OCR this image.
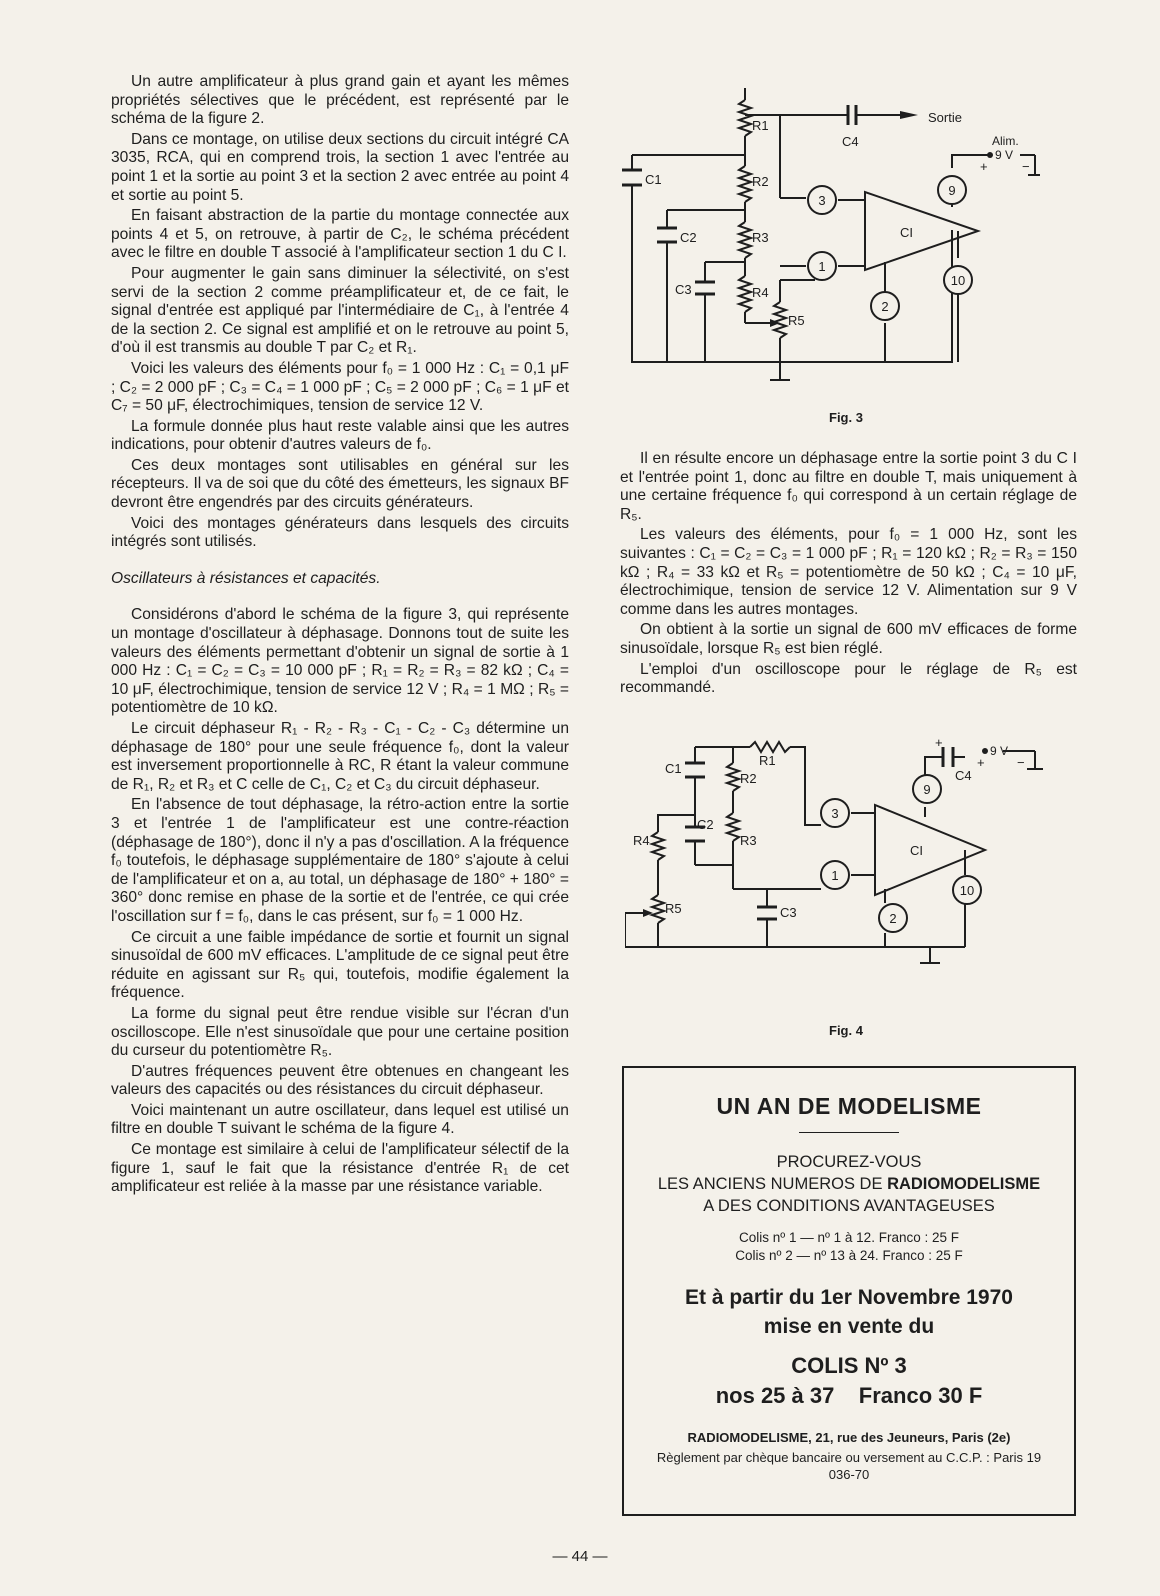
Un autre amplificateur à plus grand gain et ayant les mêmes propriétés sélectives que le précédent, est représenté par le schéma de la figure 2.

Dans ce montage, on utilise deux sections du circuit intégré CA 3035, RCA, qui en comprend trois, la section 1 avec l'entrée au point 1 et la sortie au point 3 et la section 2 avec entrée au point 4 et sortie au point 5.

En faisant abstraction de la partie du montage connectée aux points 4 et 5, on retrouve, à partir de C₂, le schéma précédent avec le filtre en double T associé à l'amplificateur section 1 du C I.

Pour augmenter le gain sans diminuer la sélectivité, on s'est servi de la section 2 comme préamplificateur et, de ce fait, le signal d'entrée est appliqué par l'intermédiaire de C₁, à l'entrée 4 de la section 2. Ce signal est amplifié et on le retrouve au point 5, d'où il est transmis au double T par C₂ et R₁.

Voici les valeurs des éléments pour f₀ = 1 000 Hz : C₁ = 0,1 μF ; C₂ = 2 000 pF ; C₃ = C₄ = 1 000 pF ; C₅ = 2 000 pF ; C₆ = 1 μF et C₇ = 50 μF, électrochimiques, tension de service 12 V.

La formule donnée plus haut reste valable ainsi que les autres indications, pour obtenir d'autres valeurs de f₀.

Ces deux montages sont utilisables en général sur les récepteurs. Il va de soi que du côté des émetteurs, les signaux BF devront être engendrés par des circuits générateurs.

Voici des montages générateurs dans lesquels des circuits intégrés sont utilisés.

Oscillateurs à résistances et capacités.

Considérons d'abord le schéma de la figure 3, qui représente un montage d'oscillateur à déphasage. Donnons tout de suite les valeurs des éléments permettant d'obtenir un signal de sortie à 1 000 Hz : C₁ = C₂ = C₃ = 10 000 pF ; R₁ = R₂ = R₃ = 82 kΩ ; C₄ = 10 μF, électrochimique, tension de service 12 V ; R₄ = 1 MΩ ; R₅ = potentiomètre de 10 kΩ.

Le circuit déphaseur R₁ - R₂ - R₃ - C₁ - C₂ - C₃ détermine un déphasage de 180° pour une seule fréquence f₀, dont la valeur est inversement proportionnelle à RC, R étant la valeur commune de R₁, R₂ et R₃ et C celle de C₁, C₂ et C₃ du circuit déphaseur.

En l'absence de tout déphasage, la rétro-action entre la sortie 3 et l'entrée 1 de l'amplificateur est une contre-réaction (déphasage de 180°), donc il n'y a pas d'oscillation. A la fréquence f₀ toutefois, le déphasage supplémentaire de 180° s'ajoute à celui de l'amplificateur et on a, au total, un déphasage de 180° + 180° = 360° donc remise en phase de la sortie et de l'entrée, ce qui crée l'oscillation sur f = f₀, dans le cas présent, sur f₀ = 1 000 Hz.

Ce circuit a une faible impédance de sortie et fournit un signal sinusoïdal de 600 mV efficaces. L'amplitude de ce signal peut être réduite en agissant sur R₅ qui, toutefois, modifie également la fréquence.

La forme du signal peut être rendue visible sur l'écran d'un oscilloscope. Elle n'est sinusoïdale que pour une certaine position du curseur du potentiomètre R₅.

D'autres fréquences peuvent être obtenues en changeant les valeurs des capacités ou des résistances du circuit déphaseur.

Voici maintenant un autre oscillateur, dans lequel est utilisé un filtre en double T suivant le schéma de la figure 4.

Ce montage est similaire à celui de l'amplificateur sélectif de la figure 1, sauf le fait que la résistance d'entrée R₁ de cet amplificateur est reliée à la masse par une résistance variable.

R1
R2
R3
R4
R5
C1
C2
C3
C4
CI
Sortie
Alim.
9 V
+	−
1
2
3
9
10
Fig. 3

Il en résulte encore un déphasage entre la sortie point 3 du C I et l'entrée point 1, donc au filtre en double T, mais uniquement à une certaine fréquence f₀ qui correspond à un certain réglage de R₅.

Les valeurs des éléments, pour f₀ = 1 000 Hz, sont les suivantes : C₁ = C₂ = C₃ = 1 000 pF ; R₁ = 120 kΩ ; R₂ = R₃ = 150 kΩ ; R₄ = 33 kΩ et R₅ = potentiomètre de 50 kΩ ; C₄ = 10 μF, électrochimique, tension de service 12 V. Alimentation sur 9 V comme dans les autres montages.

On obtient à la sortie un signal de 600 mV efficaces de forme sinusoïdale, lorsque R₅ est bien réglé.

L'emploi d'un oscilloscope pour le réglage de R₅ est recommandé.

R1
R2
R3
R4
R5
C1
C2
C3
C4
CI
9 V
+
+ −
1
2
3
9
10
Fig. 4
UN AN DE MODELISME
PROCUREZ-VOUS
LES ANCIENS NUMEROS DE RADIOMODELISME
A DES CONDITIONS AVANTAGEUSES
Colis nº 1 — nº 1 à 12. Franco : 25 F
Colis nº 2 — nº 13 à 24. Franco : 25 F
Et à partir du 1er Novembre 1970
mise en vente du
COLIS Nº 3
nos 25 à 37    Franco 30 F
RADIOMODELISME, 21, rue des Jeuneurs, Paris (2e)
Règlement par chèque bancaire ou versement au C.C.P. : Paris 19 036-70
— 44 —
